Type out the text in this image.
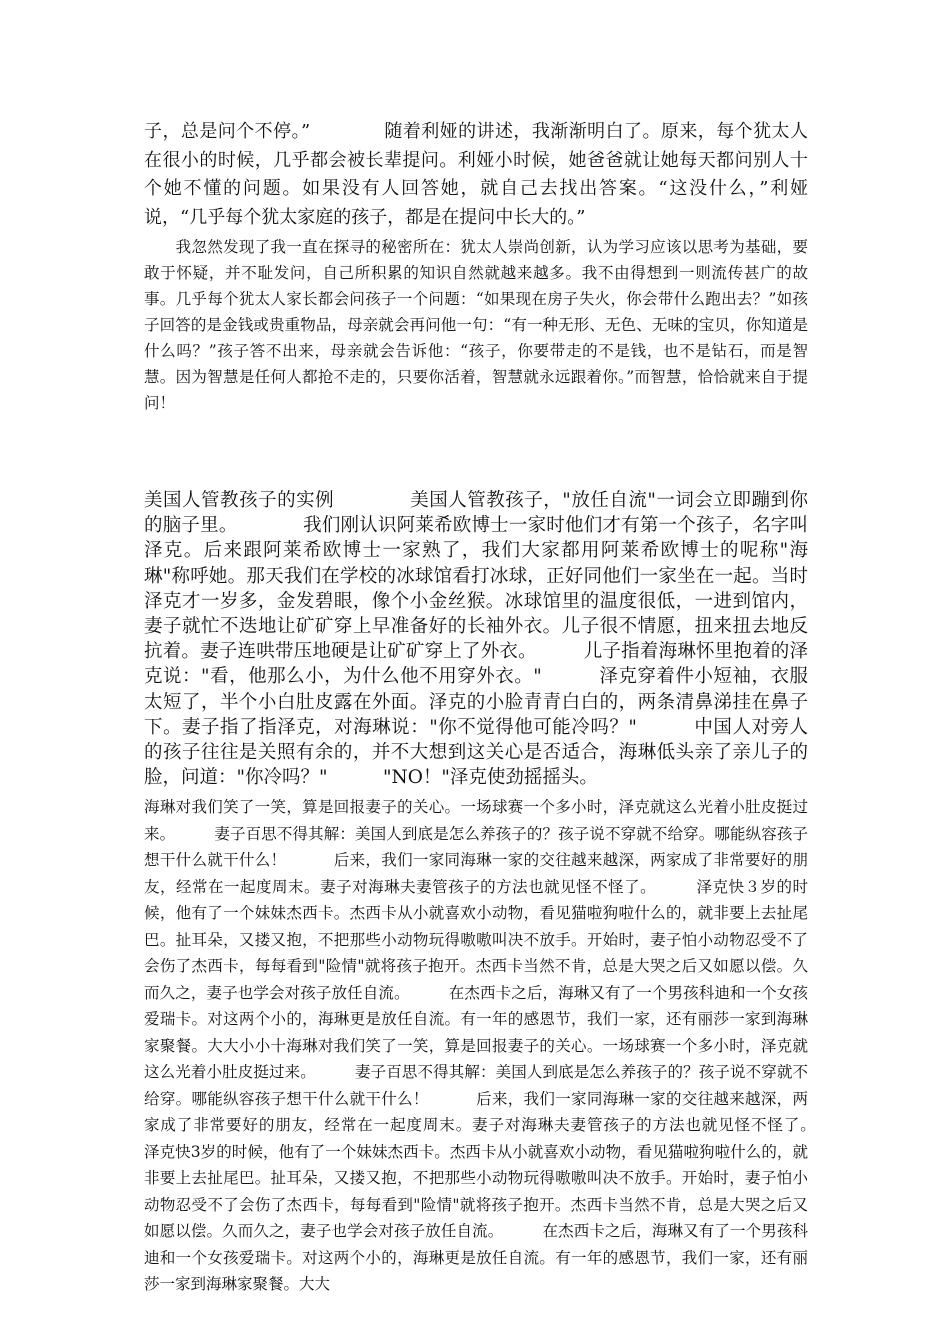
子，总是问个不停。”　　　　随着利娅的讲述，我渐渐明白了。原来，每个犹太人在很小的时候，几乎都会被长辈提问。利娅小时候，她爸爸就让她每天都问别人十个她不懂的问题。如果没有人回答她，就自己去找出答案。“这没什么，”利娅说，“几乎每个犹太家庭的孩子，都是在提问中长大的。”

　　我忽然发现了我一直在探寻的秘密所在：犹太人崇尚创新，认为学习应该以思考为基础，要敢于怀疑，并不耻发问，自己所积累的知识自然就越来越多。我不由得想到一则流传甚广的故事。几乎每个犹太人家长都会问孩子一个问题：“如果现在房子失火，你会带什么跑出去？”如孩子回答的是金钱或贵重物品，母亲就会再问他一句：“有一种无形、无色、无味的宝贝，你知道是什么吗？”孩子答不出来，母亲就会告诉他：“孩子，你要带走的不是钱，也不是钻石，而是智慧。因为智慧是任何人都抢不走的，只要你活着，智慧就永远跟着你。”而智慧，恰恰就来自于提问！

美国人管教孩子的实例　　　　美国人管教孩子，"放任自流"一词会立即蹦到你的脑子里。　　　　我们刚认识阿莱希欧博士一家时他们才有第一个孩子，名字叫泽克。后来跟阿莱希欧博士一家熟了，我们大家都用阿莱希欧博士的呢称"海琳"称呼她。那天我们在学校的冰球馆看打冰球，正好同他们一家坐在一起。当时泽克才一岁多，金发碧眼，像个小金丝猴。冰球馆里的温度很低，一进到馆内，妻子就忙不迭地让矿矿穿上早准备好的长袖外衣。儿子很不情愿，扭来扭去地反抗着。妻子连哄带压地硬是让矿矿穿上了外衣。　　　儿子指着海琳怀里抱着的泽克说："看，他那么小，为什么他不用穿外衣。"　　　泽克穿着件小短袖，衣服太短了，半个小白肚皮露在外面。泽克的小脸青青白白的，两条清鼻涕挂在鼻子下。妻子指了指泽克，对海琳说："你不觉得他可能冷吗？"　　　中国人对旁人的孩子往往是关照有余的，并不大想到这关心是否适合，海琳低头亲了亲儿子的脸，问道："你冷吗？"　　　"NO！"泽克使劲摇摇头。

海琳对我们笑了一笑，算是回报妻子的关心。一场球赛一个多小时，泽克就这么光着小肚皮挺过来。　　　妻子百思不得其解：美国人到底是怎么养孩子的？孩子说不穿就不给穿。哪能纵容孩子想干什么就干什么！　　　后来，我们一家同海琳一家的交往越来越深，两家成了非常要好的朋友，经常在一起度周末。妻子对海琳夫妻管孩子的方法也就见怪不怪了。　　　泽克快３岁的时候，他有了一个妹妹杰西卡。杰西卡从小就喜欢小动物，看见猫啦狗啦什么的，就非要上去扯尾巴。扯耳朵，又搂又抱，不把那些小动物玩得嗷嗷叫决不放手。开始时，妻子怕小动物忍受不了会伤了杰西卡，每每看到"险情"就将孩子抱开。杰西卡当然不肯，总是大哭之后又如愿以偿。久而久之，妻子也学会对孩子放任自流。　　　在杰西卡之后，海琳又有了一个男孩科迪和一个女孩爱瑞卡。对这两个小的，海琳更是放任自流。有一年的感恩节，我们一家，还有丽莎一家到海琳家聚餐。大大小小十海琳对我们笑了一笑，算是回报妻子的关心。一场球赛一个多小时，泽克就这么光着小肚皮挺过来。　　　妻子百思不得其解：美国人到底是怎么养孩子的？孩子说不穿就不给穿。哪能纵容孩子想干什么就干什么！　　　后来，我们一家同海琳一家的交往越来越深，两家成了非常要好的朋友，经常在一起度周末。妻子对海琳夫妻管孩子的方法也就见怪不怪了。　　　泽克快3岁的时候，他有了一个妹妹杰西卡。杰西卡从小就喜欢小动物，看见猫啦狗啦什么的，就非要上去扯尾巴。扯耳朵，又搂又抱，不把那些小动物玩得嗷嗷叫决不放手。开始时，妻子怕小动物忍受不了会伤了杰西卡，每每看到"险情"就将孩子抱开。杰西卡当然不肯，总是大哭之后又如愿以偿。久而久之，妻子也学会对孩子放任自流。　　　在杰西卡之后，海琳又有了一个男孩科迪和一个女孩爱瑞卡。对这两个小的，海琳更是放任自流。有一年的感恩节，我们一家，还有丽莎一家到海琳家聚餐。大大
